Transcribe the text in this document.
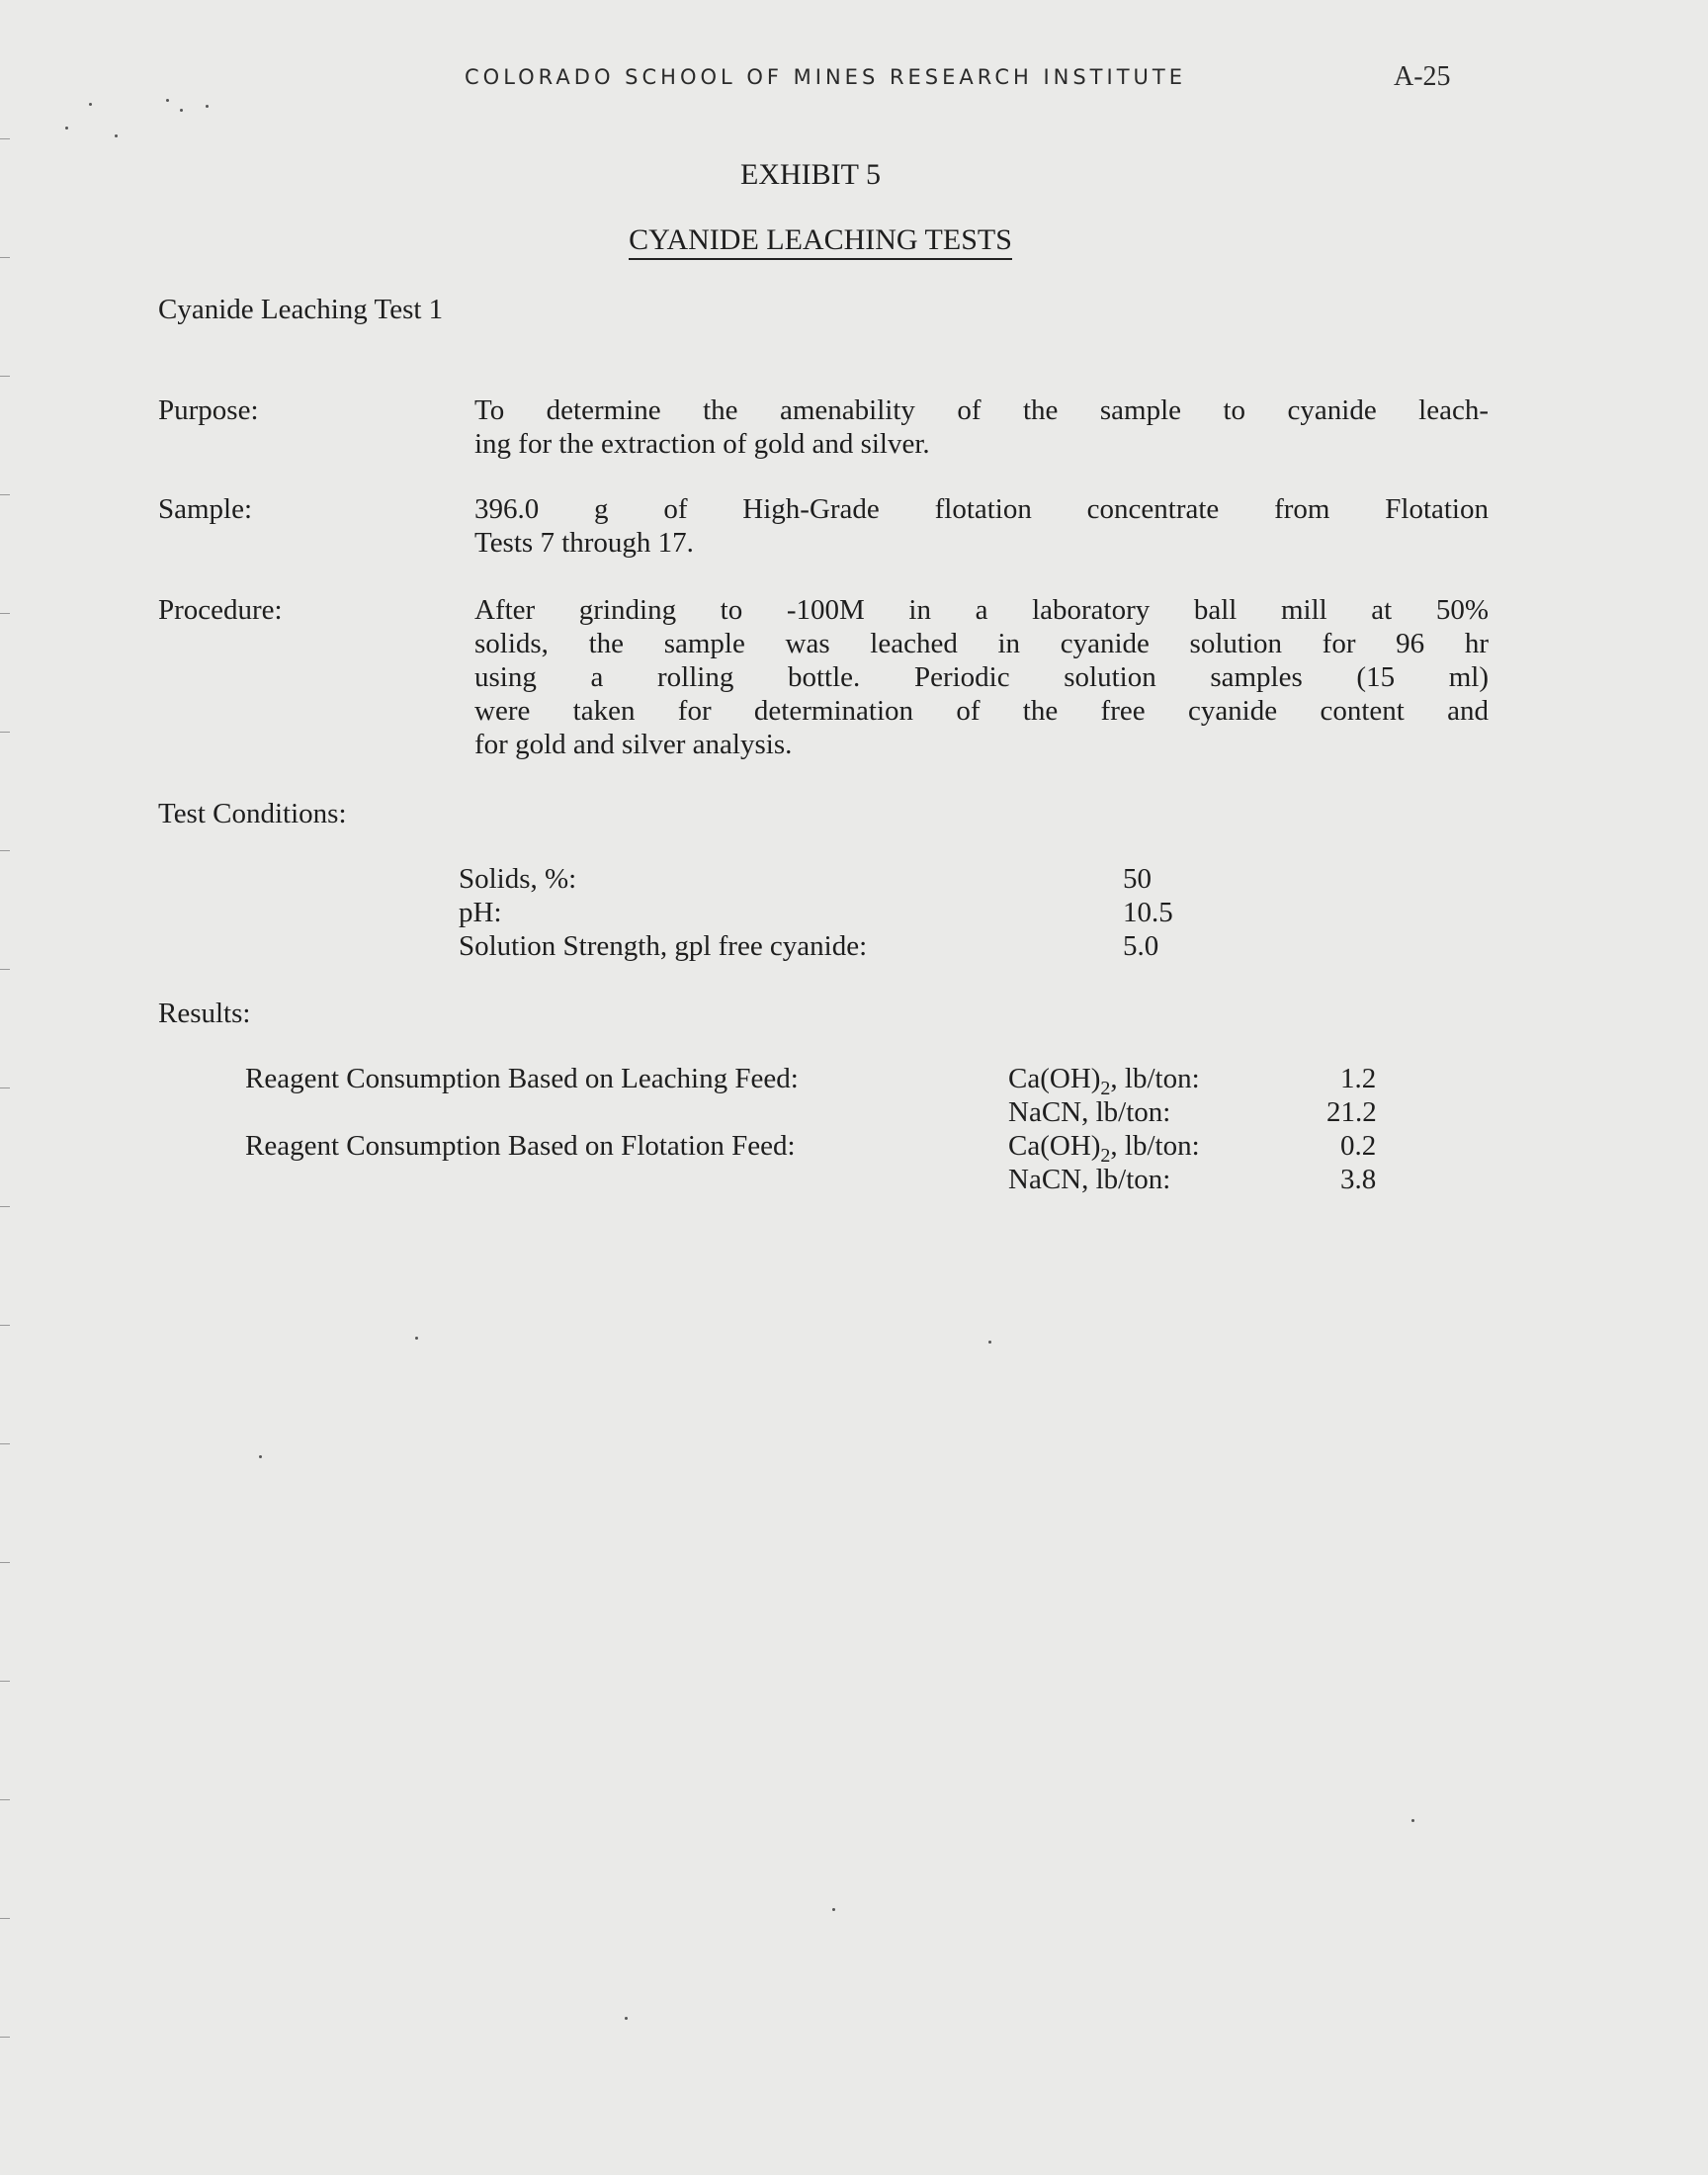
COLORADO SCHOOL OF MINES RESEARCH INSTITUTE	A-25
EXHIBIT 5
CYANIDE LEACHING TESTS
Cyanide Leaching Test 1
Purpose:	To determine the amenability of the sample to cyanide leach-
ing for the extraction of gold and silver.
Sample:	396.0 g of High-Grade flotation concentrate from Flotation
Tests 7 through 17.
Procedure:	After grinding to -100M in a laboratory ball mill at 50%
solids, the sample was leached in cyanide solution for 96 hr
using a rolling bottle. Periodic solution samples (15 ml)
were taken for determination of the free cyanide content and
for gold and silver analysis.
Test Conditions:
Solids, %:	50
pH:	10.5
Solution Strength, gpl free cyanide:	5.0
Results:
Reagent Consumption Based on Leaching Feed:	$Ca(OH)_2$, lb/ton:	1.2
NaCN, lb/ton:	21.2
Reagent Consumption Based on Flotation Feed:	$Ca(OH)_2$, lb/ton:	0.2
NaCN, lb/ton:	3.8
